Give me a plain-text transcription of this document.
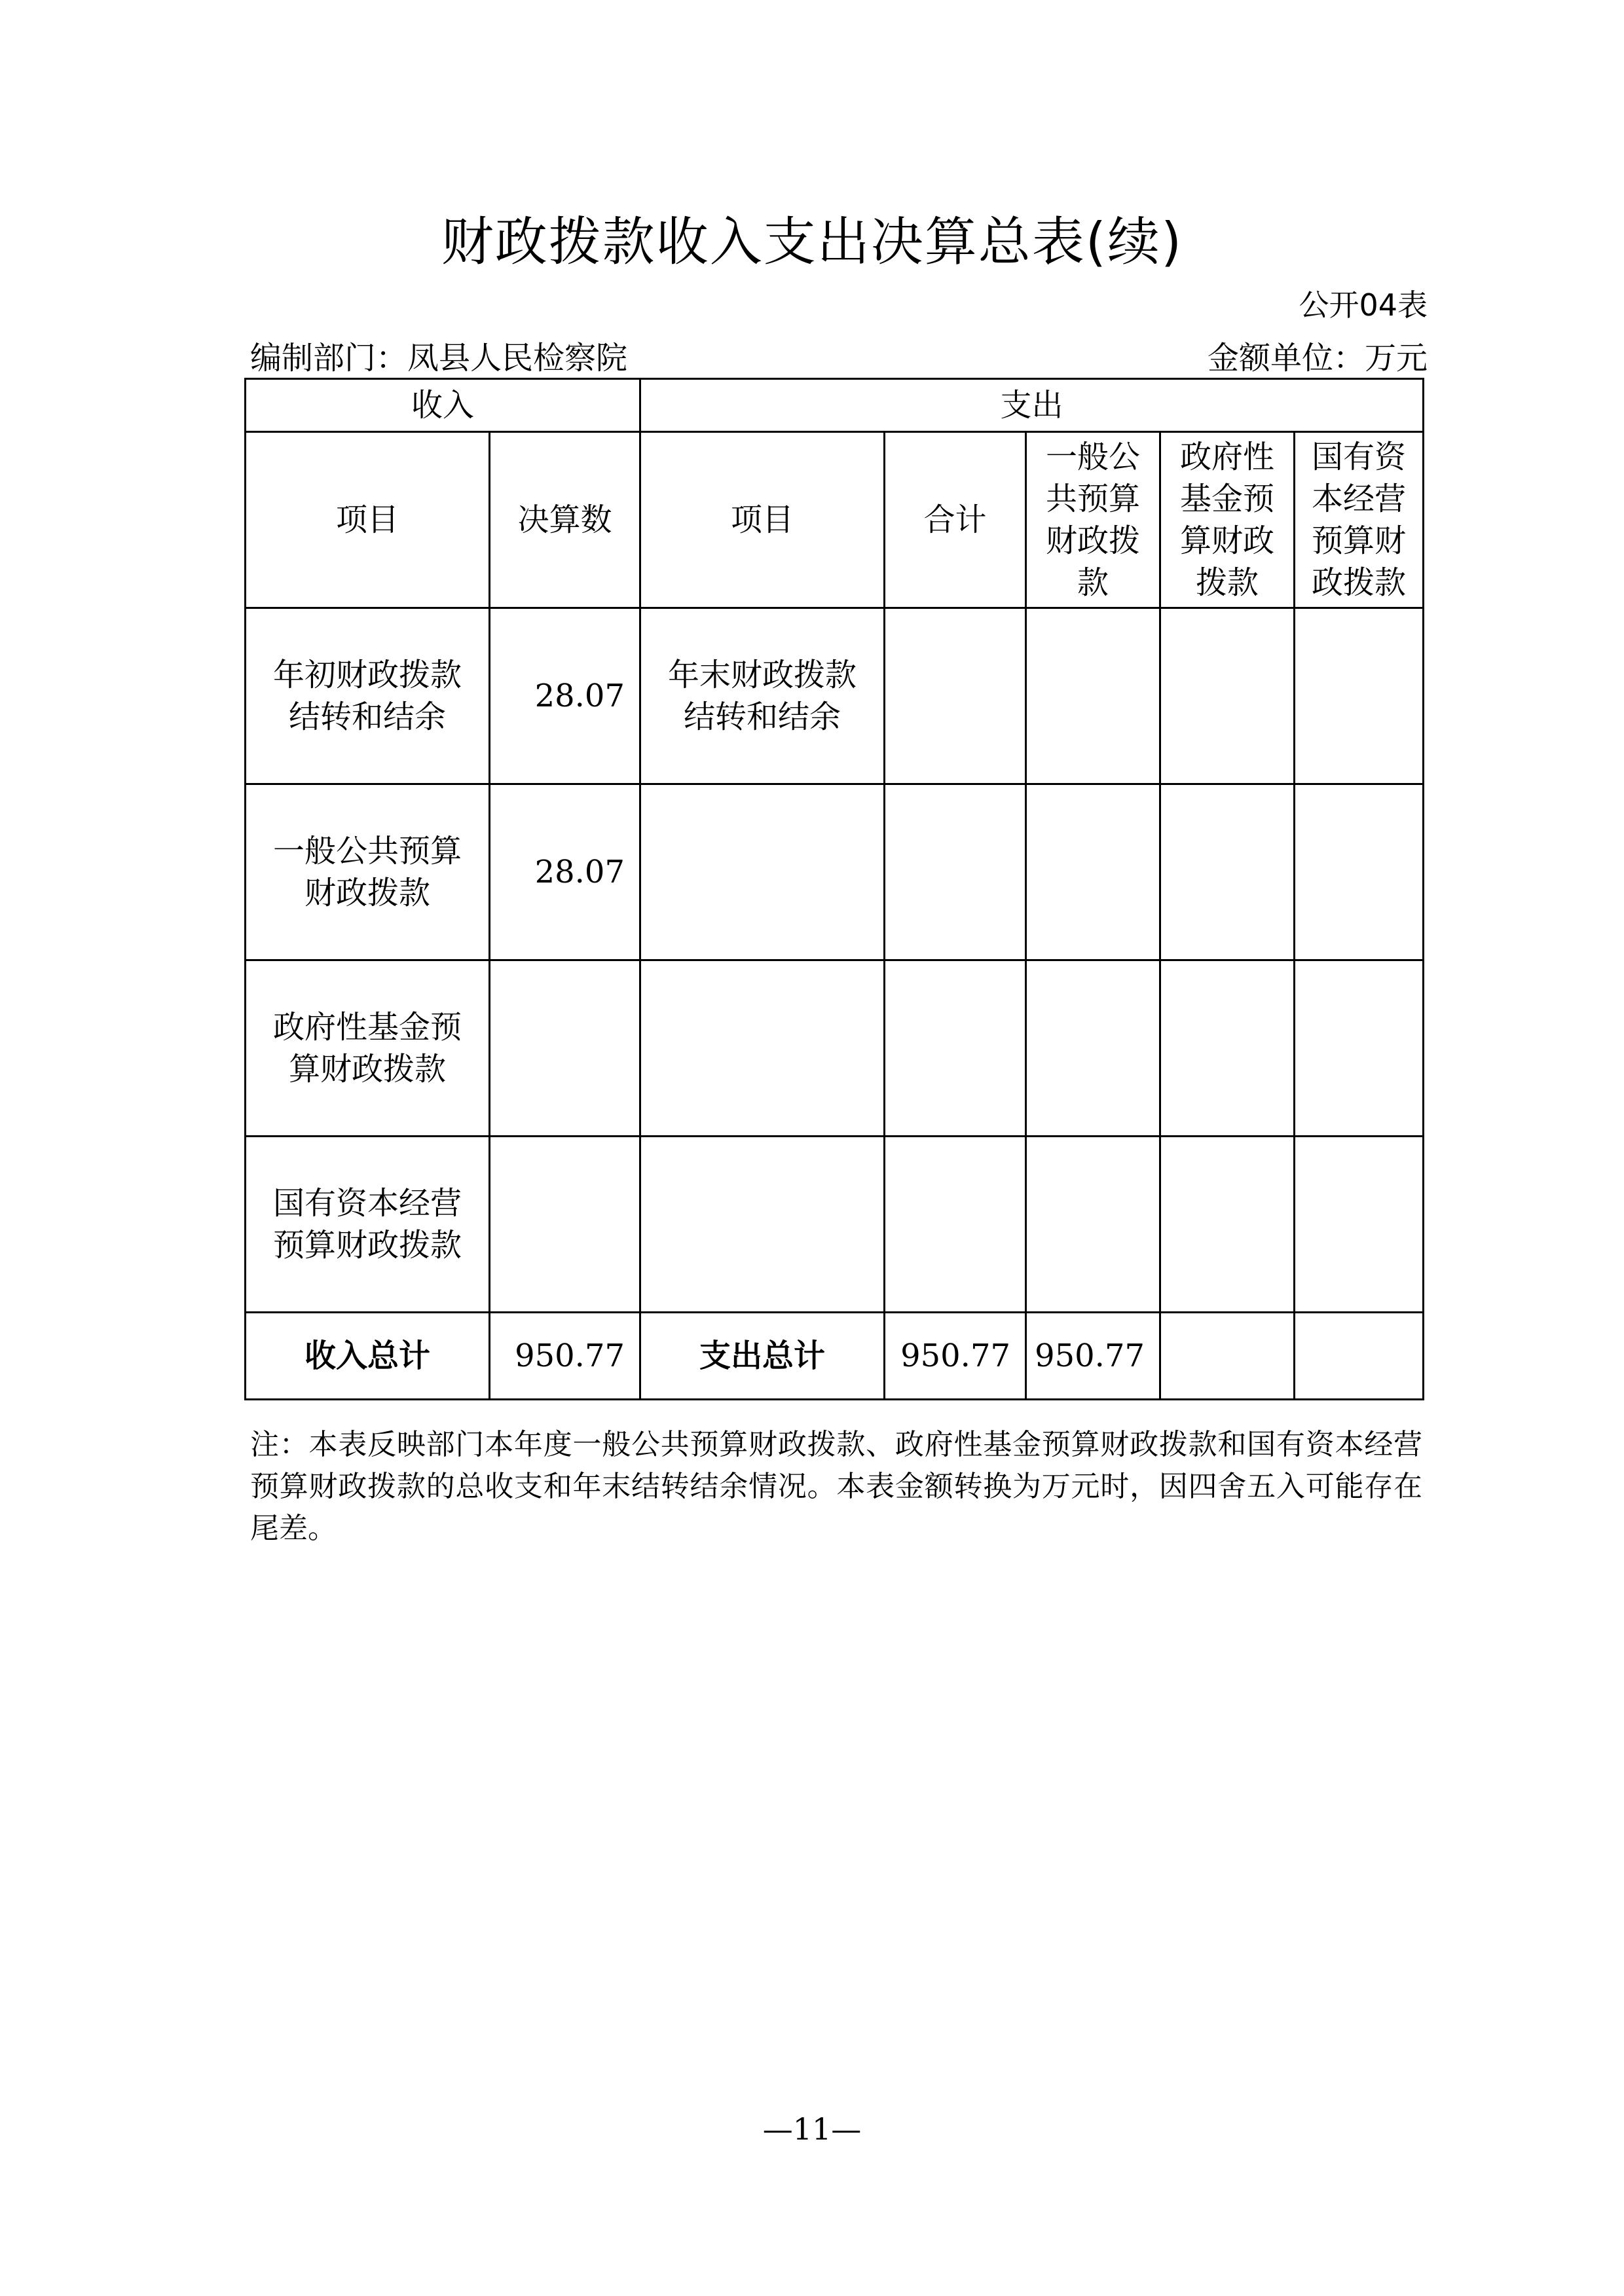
财政拨款收入支出决算总表(续)
公开04表
编制部门：凤县人民检察院	金额单位：万元
收入		支出				
项目	决算数	项目	合计	一般公共预算财政拨款	政府性基金预算财政拨款	国有资本经营预算财政拨款
年初财政拨款结转和结余	28.07	年末财政拨款结转和结余				
一般公共预算财政拨款	28.07					
政府性基金预算财政拨款						
国有资本经营预算财政拨款						
收入总计	950.77	支出总计	950.77	950.77		
注：本表反映部门本年度一般公共预算财政拨款、政府性基金预算财政拨款和国有资本经营预算财政拨款的总收支和年末结转结余情况。本表金额转换为万元时，因四舍五入可能存在尾差。
—11—
